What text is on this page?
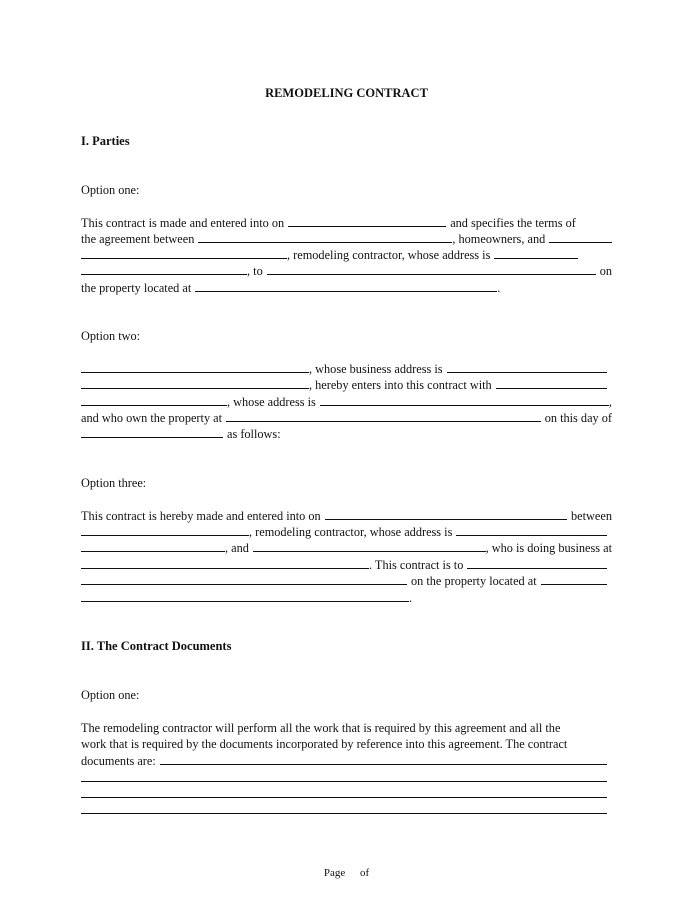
REMODELING CONTRACT
I. Parties
Option one:
This contract is made and entered into on	and specifies the terms of
the agreement between	, homeowners, and
, remodeling contractor, whose address is
, to	on
the property located at	.
Option two:
, whose business address is
, hereby enters into this contract with
, whose address is	,
and who own the property at	on this day of
as follows:
Option three:
This contract is hereby made and entered into on	between
, remodeling contractor, whose address is
, and	, who is doing business at
. This contract is to
on the property located at
.
II. The Contract Documents
Option one:
The remodeling contractor will perform all the work that is required by this agreement and all the
work that is required by the documents incorporated by reference into this agreement. The contract
documents are:
Page of
